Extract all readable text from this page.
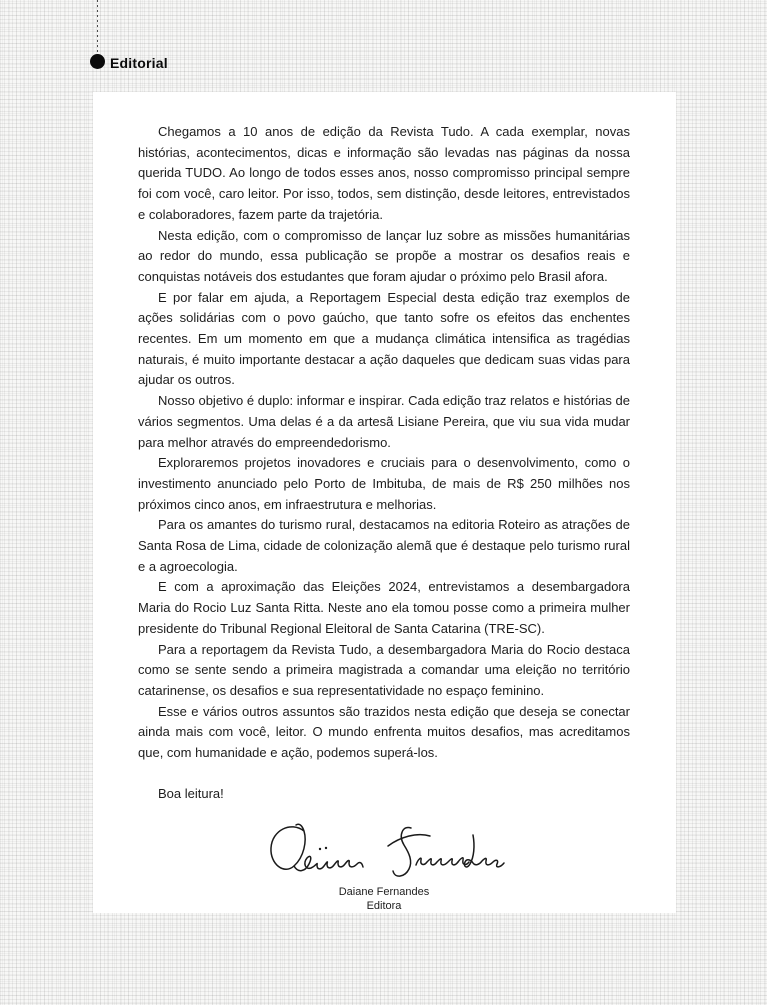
Editorial

Chegamos a 10 anos de edição da Revista Tudo. A cada exemplar, novas histórias, acontecimentos, dicas e informação são levadas nas páginas da nossa querida TUDO. Ao longo de todos esses anos, nosso compromisso principal sempre foi com você, caro leitor. Por isso, todos, sem distinção, desde leitores, entrevistados e colaboradores, fazem parte da trajetória.

Nesta edição, com o compromisso de lançar luz sobre as missões humanitárias ao redor do mundo, essa publicação se propõe a mostrar os desafios reais e conquistas notáveis dos estudantes que foram ajudar o próximo pelo Brasil afora.

E por falar em ajuda, a Reportagem Especial desta edição traz exemplos de ações solidárias com o povo gaúcho, que tanto sofre os efeitos das enchentes recentes. Em um momento em que a mudança climática intensifica as tragédias naturais, é muito importante destacar a ação daqueles que dedicam suas vidas para ajudar os outros.

Nosso objetivo é duplo: informar e inspirar. Cada edição traz relatos e histórias de vários segmentos. Uma delas é a da artesã Lisiane Pereira, que viu sua vida mudar para melhor através do empreendedorismo.

Exploraremos projetos inovadores e cruciais para o desenvolvimento, como o investimento anunciado pelo Porto de Imbituba, de mais de R$ 250 milhões nos próximos cinco anos, em infraestrutura e melhorias.

Para os amantes do turismo rural, destacamos na editoria Roteiro as atrações de Santa Rosa de Lima, cidade de colonização alemã que é destaque pelo turismo rural e a agroecologia.

E com a aproximação das Eleições 2024, entrevistamos a desembargadora Maria do Rocio Luz Santa Ritta. Neste ano ela tomou posse como a primeira mulher presidente do Tribunal Regional Eleitoral de Santa Catarina (TRE-SC).

Para a reportagem da Revista Tudo, a desembargadora Maria do Rocio destaca como se sente sendo a primeira magistrada a comandar uma eleição no território catarinense, os desafios e sua representatividade no espaço feminino.

Esse e vários outros assuntos são trazidos nesta edição que deseja se conectar ainda mais com você, leitor. O mundo enfrenta muitos desafios, mas acreditamos que, com humanidade e ação, podemos superá-los.

Boa leitura!

Daiane Fernandes
Editora
